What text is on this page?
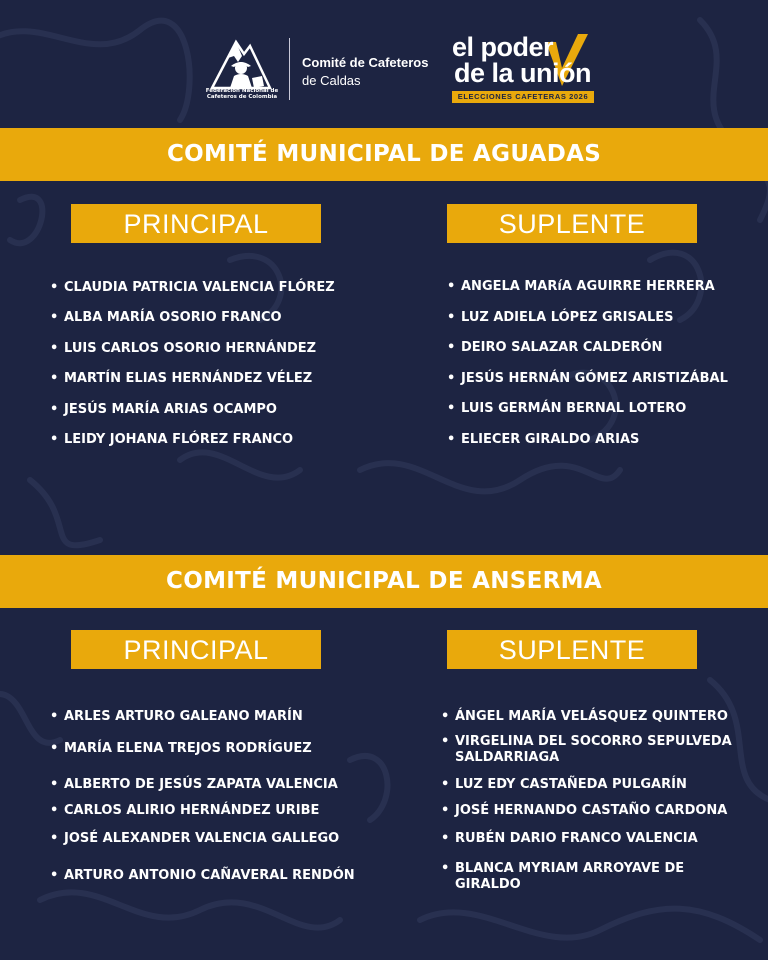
Federación Nacional de Cafeteros de Colombia
Comité de Cafeteros
de Caldas
el poder
de la unión
ELECCIONES CAFETERAS 2026
COMITÉ MUNICIPAL DE AGUADAS
PRINCIPAL	SUPLENTE
• CLAUDIA PATRICIA VALENCIA FLÓREZ
• ALBA MARÍA OSORIO FRANCO
• LUIS CARLOS OSORIO HERNÁNDEZ
• MARTÍN ELIAS HERNÁNDEZ VÉLEZ
• JESÚS MARÍA ARIAS OCAMPO
• LEIDY JOHANA FLÓREZ FRANCO
• ANGELA MARíA AGUIRRE HERRERA
• LUZ ADIELA LÓPEZ GRISALES
• DEIRO SALAZAR CALDERÓN
• JESÚS HERNÁN GÓMEZ ARISTIZÁBAL
• LUIS GERMÁN BERNAL LOTERO
• ELIECER GIRALDO ARIAS
COMITÉ MUNICIPAL DE ANSERMA
PRINCIPAL	SUPLENTE
• ARLES ARTURO GALEANO MARÍN
• MARÍA ELENA TREJOS RODRÍGUEZ
• ALBERTO DE JESÚS ZAPATA VALENCIA
• CARLOS ALIRIO HERNÁNDEZ URIBE
• JOSÉ ALEXANDER VALENCIA GALLEGO
• ARTURO ANTONIO CAÑAVERAL RENDÓN
• ÁNGEL MARÍA VELÁSQUEZ QUINTERO
• VIRGELINA DEL SOCORRO SEPULVEDA SALDARRIAGA
• LUZ EDY CASTAÑEDA PULGARÍN
• JOSÉ HERNANDO CASTAÑO CARDONA
• RUBÉN DARIO FRANCO VALENCIA
• BLANCA MYRIAM ARROYAVE DE GIRALDO
